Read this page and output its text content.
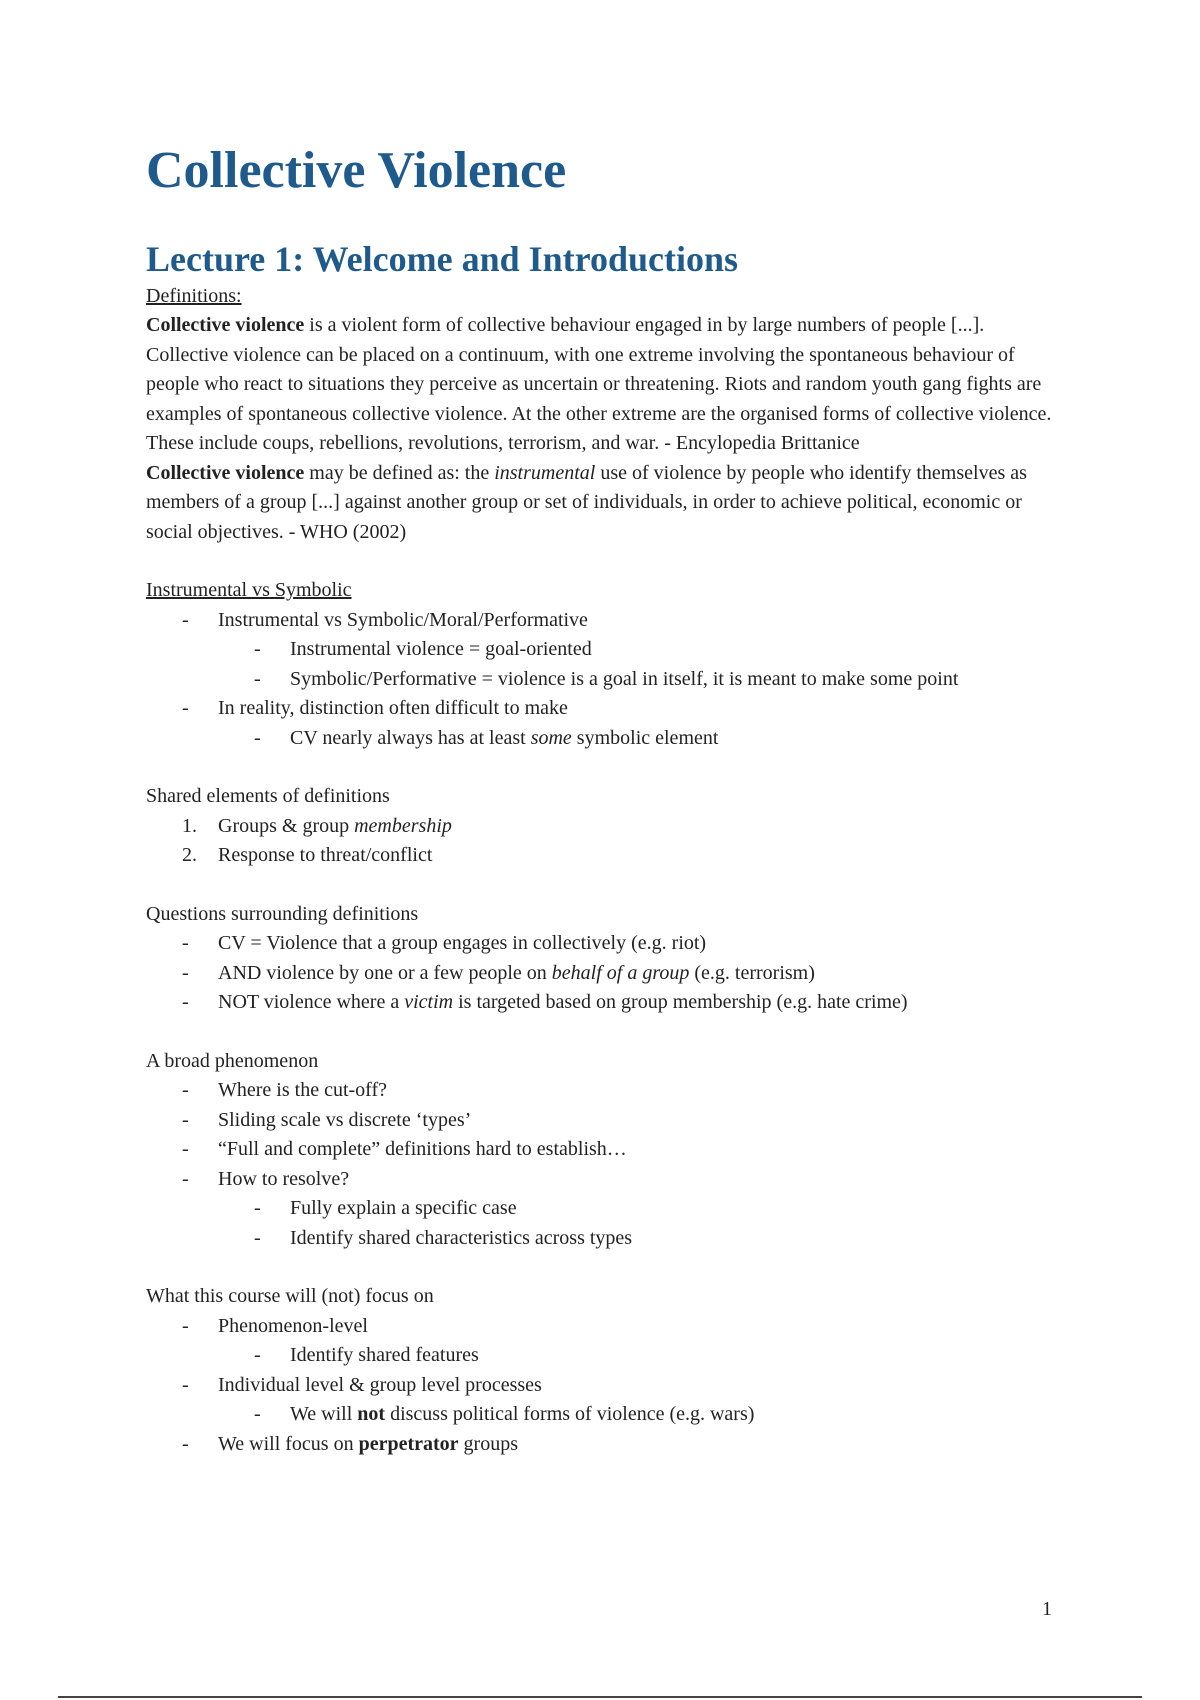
Collective Violence
Lecture 1: Welcome and Introductions

Definitions:

Collective violence is a violent form of collective behaviour engaged in by large numbers of people [...]. Collective violence can be placed on a continuum, with one extreme involving the spontaneous behaviour of people who react to situations they perceive as uncertain or threatening. Riots and random youth gang fights are examples of spontaneous collective violence. At the other extreme are the organised forms of collective violence. These include coups, rebellions, revolutions, terrorism, and war. - Encylopedia Brittanice

Collective violence may be defined as: the instrumental use of violence by people who identify themselves as members of a group [...] against another group or set of individuals, in order to achieve political, economic or social objectives. - WHO (2002)

Instrumental vs Symbolic

- Instrumental vs Symbolic/Moral/Performative
- Instrumental violence = goal-oriented
- Symbolic/Performative = violence is a goal in itself, it is meant to make some point
- In reality, distinction often difficult to make
- CV nearly always has at least some symbolic element

Shared elements of definitions

1. Groups & group membership
2. Response to threat/conflict

Questions surrounding definitions

- CV = Violence that a group engages in collectively (e.g. riot)
- AND violence by one or a few people on behalf of a group (e.g. terrorism)
- NOT violence where a victim is targeted based on group membership (e.g. hate crime)

A broad phenomenon

- Where is the cut-off?
- Sliding scale vs discrete ‘types’
- “Full and complete” definitions hard to establish…
- How to resolve?
- Fully explain a specific case
- Identify shared characteristics across types

What this course will (not) focus on

- Phenomenon-level
- Identify shared features
- Individual level & group level processes
- We will not discuss political forms of violence (e.g. wars)
- We will focus on perpetrator groups
1
